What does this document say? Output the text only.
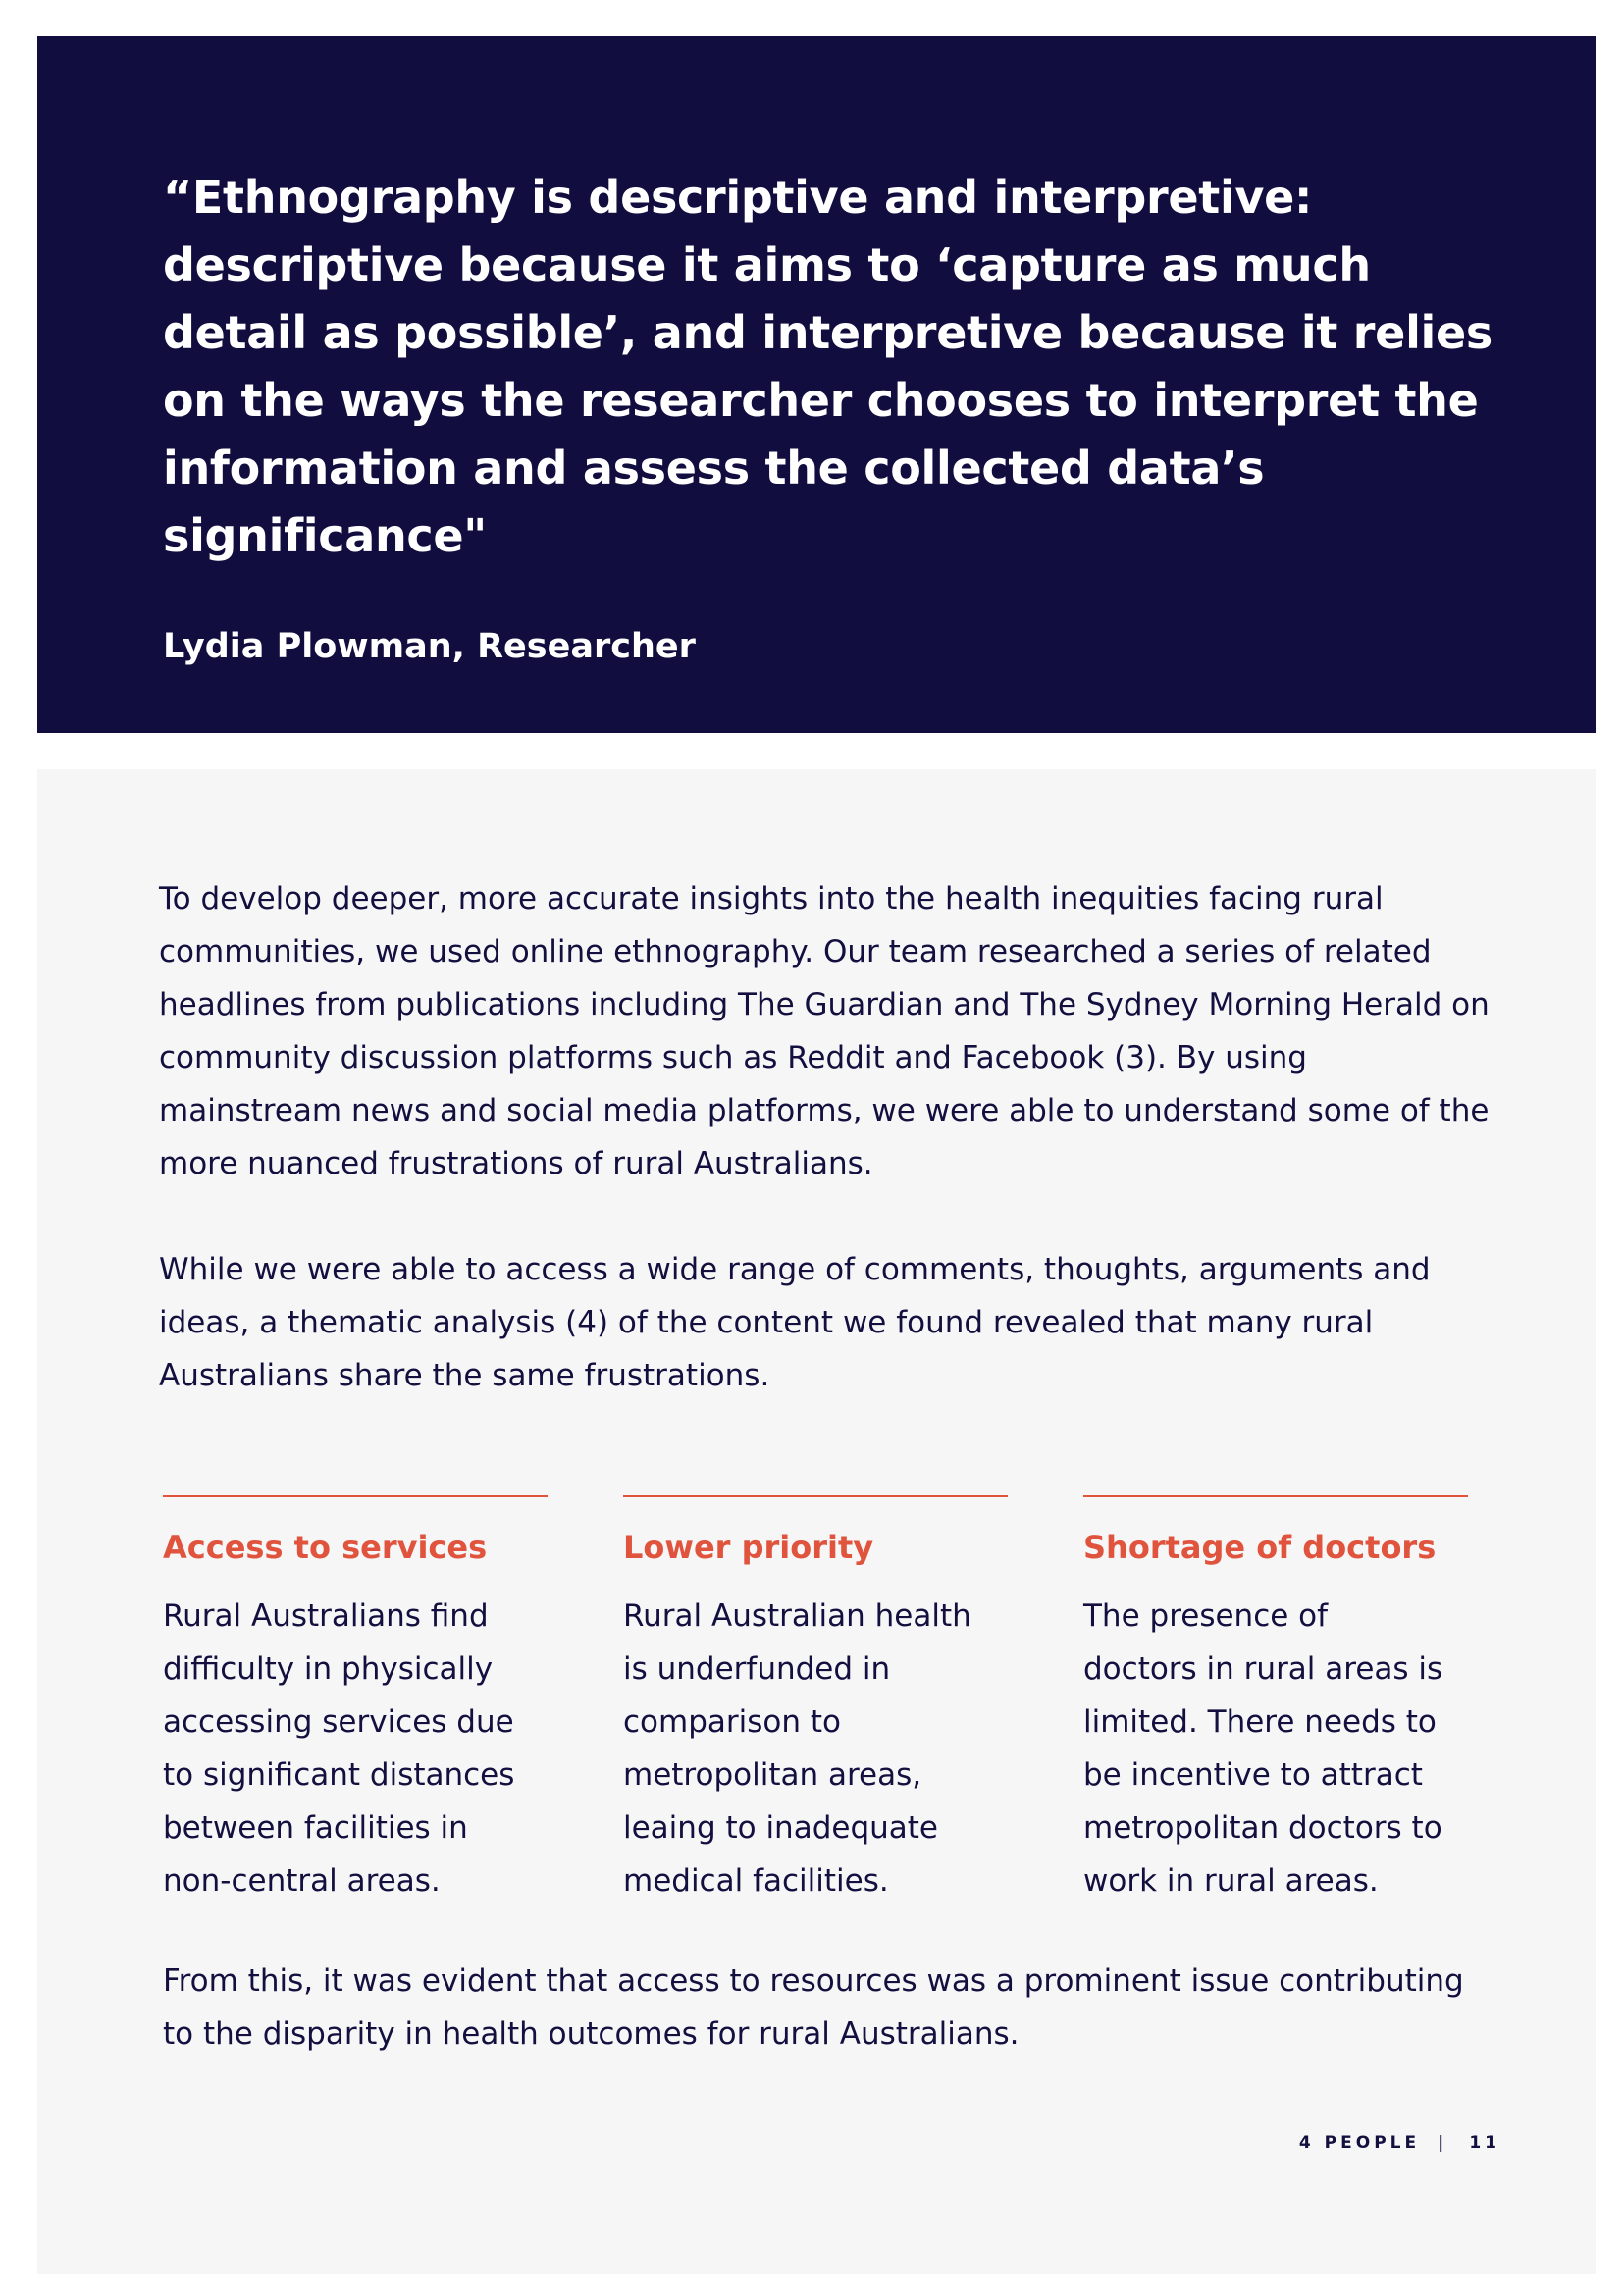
“Ethnography is descriptive and interpretive: descriptive because it aims to ‘capture as much detail as possible’, and interpretive because it relies on the ways the researcher chooses to interpret the information and assess the collected data’s significance"

Lydia Plowman, Researcher

To develop deeper, more accurate insights into the health inequities facing rural communities, we used online ethnography. Our team researched a series of related headlines from publications including The Guardian and The Sydney Morning Herald on community discussion platforms such as Reddit and Facebook (3). By using mainstream news and social media platforms, we were able to understand some of the more nuanced frustrations of rural Australians.

While we were able to access a wide range of comments, thoughts, arguments and ideas, a thematic analysis (4) of the content we found revealed that many rural Australians share the same frustrations.

Access to services

Rural Australians find difficulty in physically accessing services due to significant distances between facilities in non-central areas.

Lower priority

Rural Australian health is underfunded in comparison to metropolitan areas, leaing to inadequate medical facilities.

Shortage of doctors

The presence of doctors in rural areas is limited. There needs to be incentive to attract metropolitan doctors to work in rural areas.

From this, it was evident that access to resources was a prominent issue contributing to the disparity in health outcomes for rural Australians.

4 PEOPLE | 11
